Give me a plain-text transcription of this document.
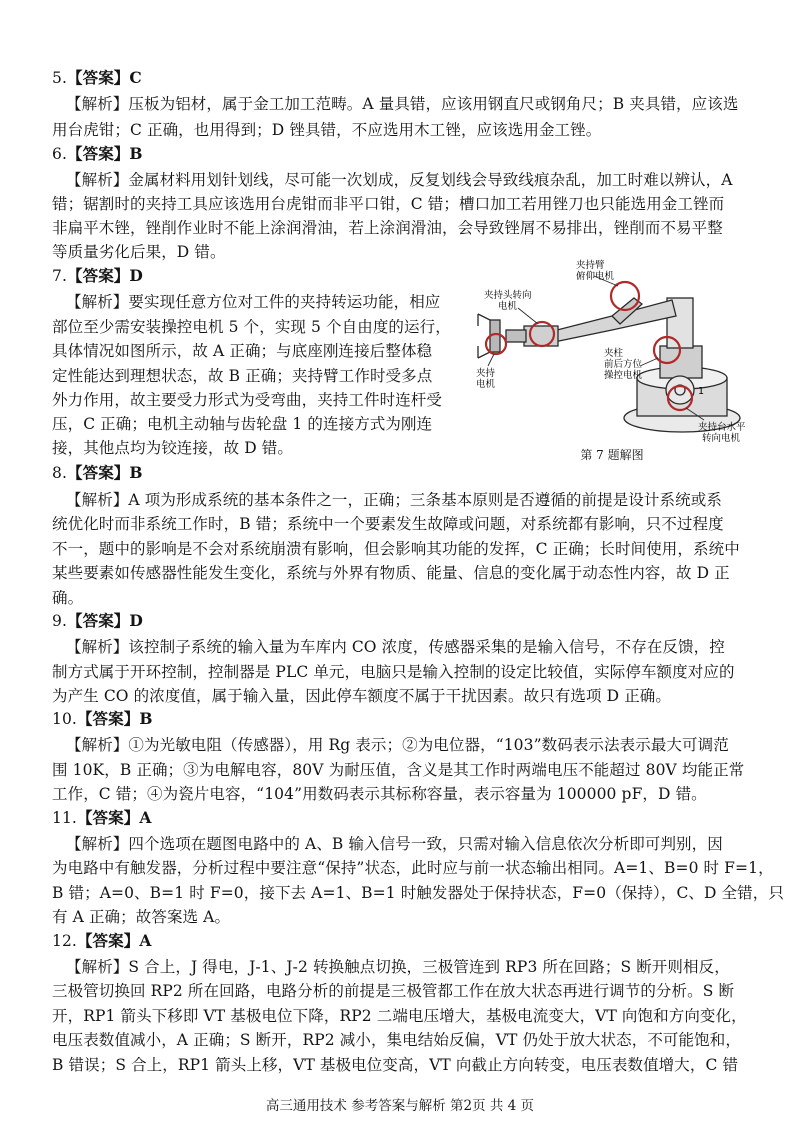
5.【答案】C
【解析】压板为铝材，属于金工加工范畴。A 量具错，应该用钢直尺或钢角尺；B 夹具错，应该选
用台虎钳；C 正确，也用得到；D 锉具错，不应选用木工锉，应该选用金工锉。
6.【答案】B
【解析】金属材料用划针划线，尽可能一次划成，反复划线会导致线痕杂乱，加工时难以辨认，A
错；锯割时的夹持工具应该选用台虎钳而非平口钳，C 错；槽口加工若用锉刀也只能选用金工锉而
非扁平木锉，锉削作业时不能上涂润滑油，若上涂润滑油，会导致锉屑不易排出，锉削而不易平整
等质量劣化后果，D 错。
7.【答案】D
【解析】要实现任意方位对工件的夹持转运功能，相应
部位至少需安装操控电机 5 个，实现 5 个自由度的运行，
具体情况如图所示，故 A 正确；与底座刚连接后整体稳
定性能达到理想状态，故 B 正确；夹持臂工作时受多点
外力作用，故主要受力形式为受弯曲，夹持工件时连杆受
压，C 正确；电机主动轴与齿轮盘 1 的连接方式为刚连
接，其他点均为铰连接，故 D 错。
夹持臂
俯仰电机
夹持头转向
电机
夹持
电机
夹柱
前后方位
操控电机
夹持台水平
转向电机
1
第 7 题解图
8.【答案】B
【解析】A 项为形成系统的基本条件之一，正确；三条基本原则是否遵循的前提是设计系统或系
统优化时而非系统工作时，B 错；系统中一个要素发生故障或问题，对系统都有影响，只不过程度
不一，题中的影响是不会对系统崩溃有影响，但会影响其功能的发挥，C 正确；长时间使用，系统中
某些要素如传感器性能发生变化，系统与外界有物质、能量、信息的变化属于动态性内容，故 D 正
确。
9.【答案】D
【解析】该控制子系统的输入量为车库内 CO 浓度，传感器采集的是输入信号，不存在反馈，控
制方式属于开环控制，控制器是 PLC 单元，电脑只是输入控制的设定比较值，实际停车额度对应的
为产生 CO 的浓度值，属于输入量，因此停车额度不属于干扰因素。故只有选项 D 正确。
10.【答案】B
【解析】①为光敏电阻（传感器），用 Rg 表示；②为电位器，“103”数码表示法表示最大可调范
围 10K，B 正确；③为电解电容，80V 为耐压值，含义是其工作时两端电压不能超过 80V 均能正常
工作，C 错；④为瓷片电容，“104”用数码表示其标称容量，表示容量为 100000 pF，D 错。
11.【答案】A
【解析】四个选项在题图电路中的 A、B 输入信号一致，只需对输入信息依次分析即可判别，因
为电路中有触发器，分析过程中要注意“保持”状态，此时应与前一状态输出相同。A=1、B=0 时 F=1，
B 错；A=0、B=1 时 F=0，接下去 A=1、B=1 时触发器处于保持状态，F=0（保持），C、D 全错，只
有 A 正确；故答案选 A。
12.【答案】A
【解析】S 合上，J 得电，J-1、J-2 转换触点切换，三极管连到 RP3 所在回路；S 断开则相反，
三极管切换回 RP2 所在回路，电路分析的前提是三极管都工作在放大状态再进行调节的分析。S 断
开，RP1 箭头下移即 VT 基极电位下降，RP2 二端电压增大，基极电流变大，VT 向饱和方向变化，
电压表数值减小，A 正确；S 断开，RP2 减小，集电结始反偏，VT 仍处于放大状态，不可能饱和，
B 错误；S 合上，RP1 箭头上移，VT 基极电位变高，VT 向截止方向转变，电压表数值增大，C 错
高三通用技术 参考答案与解析 第2页 共 4 页
